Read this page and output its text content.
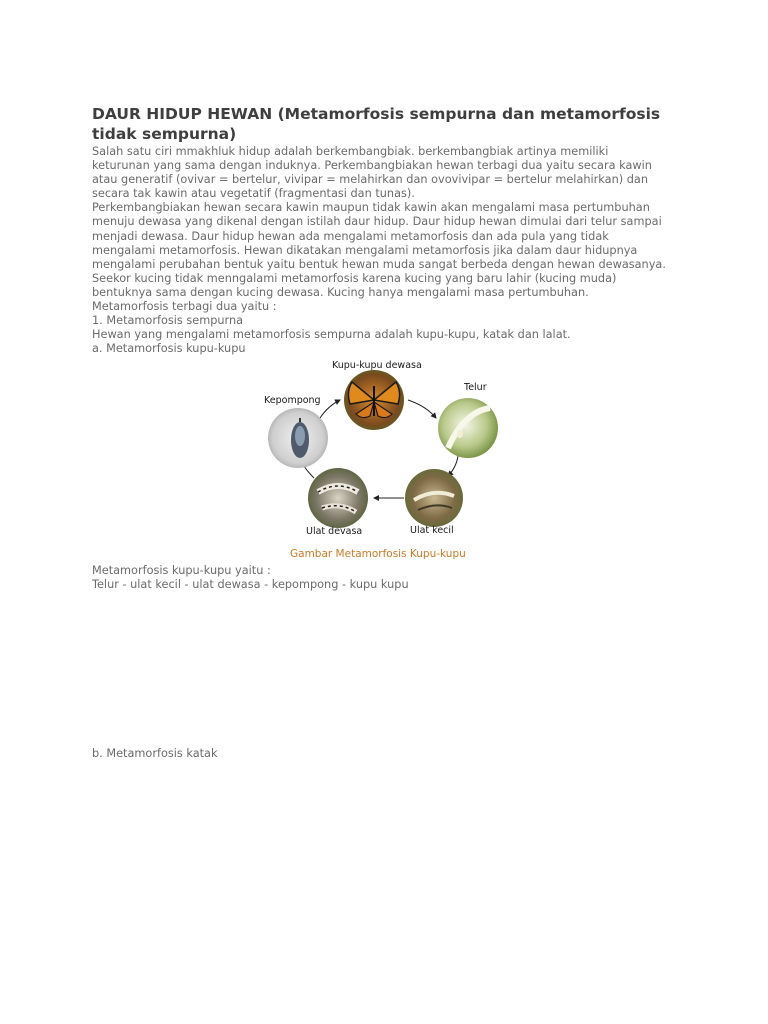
DAUR HIDUP HEWAN (Metamorfosis sempurna dan metamorfosis tidak sempurna)

Salah satu ciri mmakhluk hidup adalah berkembangbiak. berkembangbiak artinya memiliki
keturunan yang sama dengan induknya. Perkembangbiakan hewan terbagi dua yaitu secara kawin
atau generatif (ovivar = bertelur, vivipar = melahirkan dan ovovivipar = bertelur melahirkan) dan
secara tak kawin atau vegetatif (fragmentasi dan tunas).

Perkembangbiakan hewan secara kawin maupun tidak kawin akan mengalami masa pertumbuhan
menuju dewasa yang dikenal dengan istilah daur hidup. Daur hidup hewan dimulai dari telur sampai
menjadi dewasa. Daur hidup hewan ada mengalami metamorfosis dan ada pula yang tidak
mengalami metamorfosis. Hewan dikatakan mengalami metamorfosis jika dalam daur hidupnya
mengalami perubahan bentuk yaitu bentuk hewan muda sangat berbeda dengan hewan dewasanya.
Seekor kucing tidak menngalami metamorfosis karena kucing yang baru lahir (kucing muda)
bentuknya sama dengan kucing dewasa. Kucing hanya mengalami masa pertumbuhan.

Metamorfosis terbagi dua yaitu :

1. Metamorfosis sempurna

Hewan yang mengalami metamorfosis sempurna adalah kupu-kupu, katak dan lalat.

a. Metamorfosis kupu-kupu

Kupu-kupu dewasa
Telur
Kepompong
Ulat kecil
Ulat devasa
Gambar Metamorfosis Kupu-kupu

Metamorfosis kupu-kupu yaitu :

Telur - ulat kecil - ulat dewasa - kepompong - kupu kupu

b. Metamorfosis katak
